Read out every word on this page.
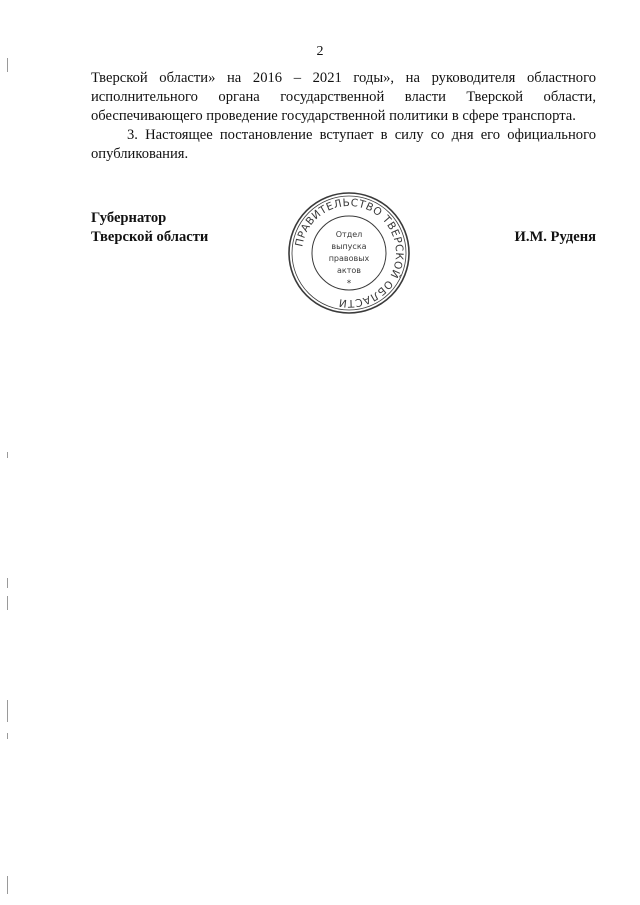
2

Тверской области» на 2016 – 2021 годы», на руководителя областного исполнительного органа государственной власти Тверской области, обеспечивающего проведение государственной политики в сфере транспорта.

3. Настоящее постановление вступает в силу со дня его официального опубликования.

Губернатор
Тверской области	ПРАВИТЕЛЬСТВО ТВЕРСКОЙ ОБЛАСТИ
*
Отдел
выпуска
правовых
актов
И.М. Руденя
